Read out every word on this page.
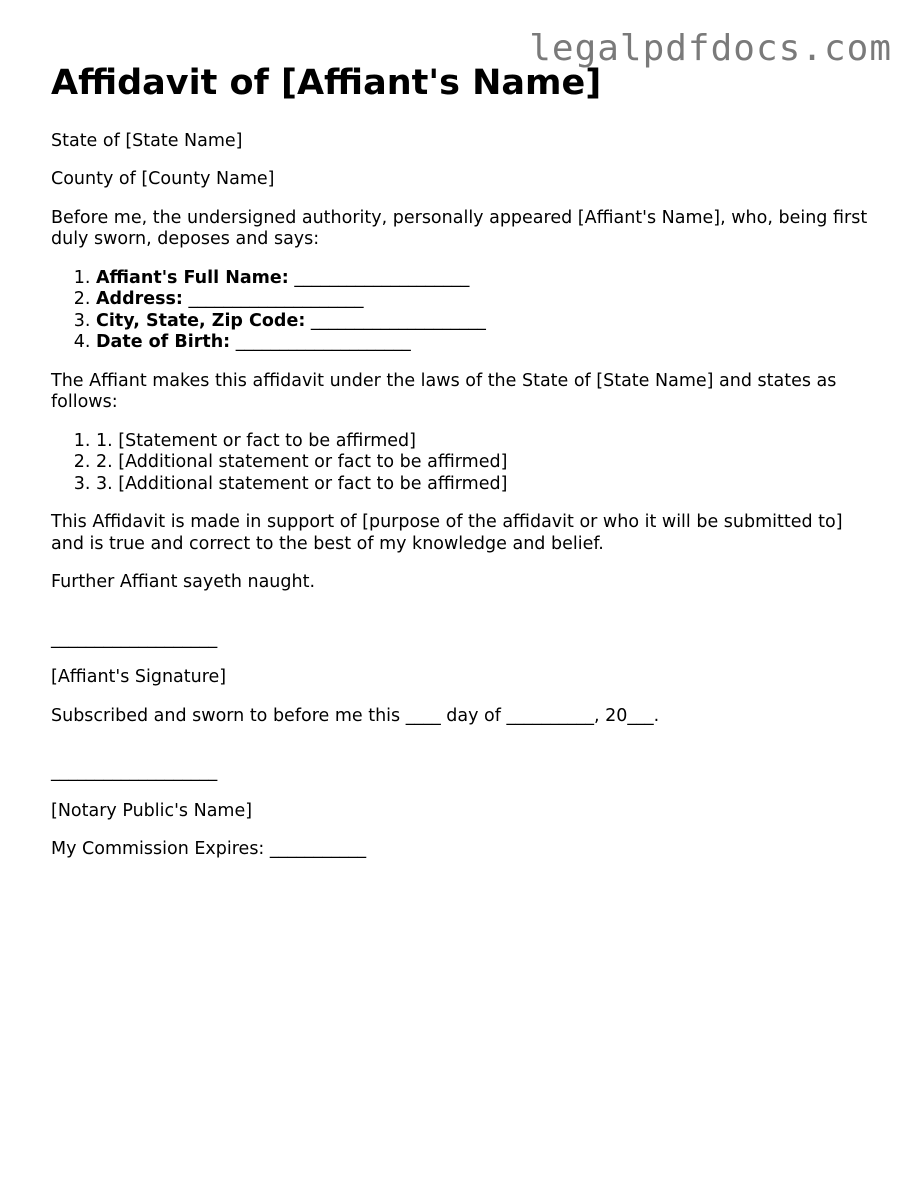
legalpdfdocs.com
Affidavit of [Affiant's Name]

State of [State Name]

County of [County Name]

Before me, the undersigned authority, personally appeared [Affiant's Name], who, being first duly sworn, deposes and says:

1. Affiant's Full Name: ____________________
2. Address: ____________________
3. City, State, Zip Code: ____________________
4. Date of Birth: ____________________

The Affiant makes this affidavit under the laws of the State of [State Name] and states as follows:

1. 1. [Statement or fact to be affirmed]
2. 2. [Additional statement or fact to be affirmed]
3. 3. [Additional statement or fact to be affirmed]

This Affidavit is made in support of [purpose of the affidavit or who it will be submitted to] and is true and correct to the best of my knowledge and belief.

Further Affiant sayeth naught.

___________________

[Affiant's Signature]

Subscribed and sworn to before me this ____ day of __________, 20___.

___________________

[Notary Public's Name]

My Commission Expires: ___________
